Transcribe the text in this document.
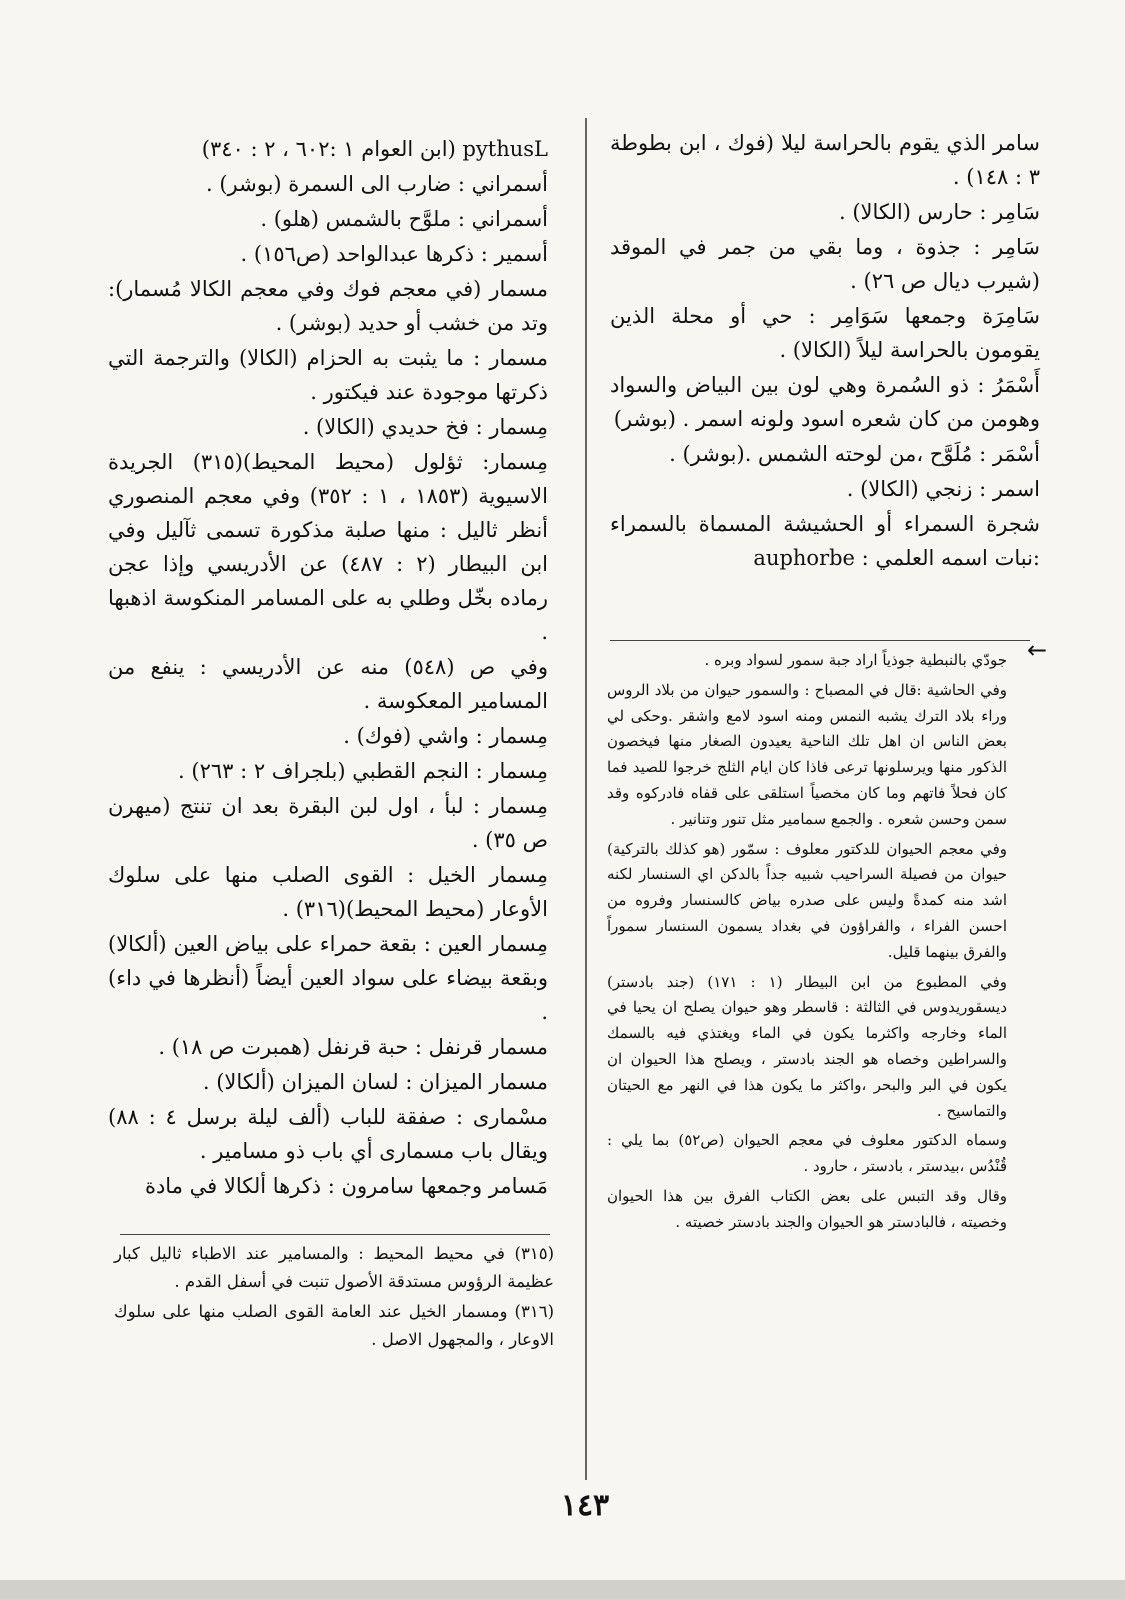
سامر الذي يقوم بالحراسة ليلا (فوك ، ابن بطوطة ٣ : ١٤٨) .

سَامِر : حارس (الكالا) .

سَامِر : جذوة ، وما بقي من جمر في الموقد (شيرب ديال ص ٢٦) .

سَامِرَة وجمعها سَوَامِر : حي أو محلة الذين يقومون بالحراسة ليلاً (الكالا) .

أَسْمَرُ : ذو السُمرة وهي لون بين البياض والسواد وهومن من كان شعره اسود ولونه اسمر . (بوشر)

أسْمَر : مُلَوَّح ،من لوحته الشمس .(بوشر) .

اسمر : زنجي (الكالا) .

شجرة السمراء أو الحشيشة المسماة بالسمراء :نبات اسمه العلمي : auphorbe

←

جودّي بالنبطية جوذياً اراد جبة سمور لسواد وبره .

وفي الحاشية :قال في المصباح : والسمور حيوان من بلاد الروس وراء بلاد الترك يشبه النمس ومنه اسود لامع واشقر .وحكى لي بعض الناس ان اهل تلك الناحية يعيدون الصغار منها فيخصون الذكور منها ويرسلونها ترعى فاذا كان ايام الثلج خرجوا للصيد فما كان فحلاً فاتهم وما كان مخصياً استلقى على قفاه فادركوه وقد سمن وحسن شعره . والجمع سمامير مثل تنور وتنانير .

وفي معجم الحيوان للدكتور معلوف : سمّور (هو كذلك بالتركية) حيوان من فصيلة السراحيب شبيه جداً بالدكن اي السنسار لكنه اشد منه كمدةً وليس على صدره بياض كالسنسار وفروه من احسن الفراء ، والفراؤون في بغداد يسمون السنسار سموراً والفرق بينهما قليل.

وفي المطبوع من ابن البيطار (١ : ١٧١) (جند بادستر) ديسقوريدوس في الثالثة : قاسطر وهو حيوان يصلح ان يحيا في الماء وخارجه واكثرما يكون في الماء ويغتذي فيه بالسمك والسراطين وخصاه هو الجند بادستر ، ويصلح هذا الحيوان ان يكون في البر والبحر ،واكثر ما يكون هذا في النهر مع الحيتان والتماسيح .

وسماه الدكتور معلوف في معجم الحيوان (ص٥٢) بما يلي : قُنْدُس ،بيدستر ، بادستر ، حارود .

وقال وقد التبس على بعض الكتاب الفرق بين هذا الحيوان وخصيته ، فالبادستر هو الحيوان والجند بادستر خصيته .

pythusL (ابن العوام ١ :٦٠٢ ، ٢ : ٣٤٠)

أسمراني : ضارب الى السمرة (بوشر) .

أسمراني : ملوَّح بالشمس (هلو) .

أسمير : ذكرها عبدالواحد (ص١٥٦) .

مسمار (في معجم فوك وفي معجم الكالا مُسمار): وتد من خشب أو حديد (بوشر) .

مسمار : ما يثبت به الحزام (الكالا) والترجمة التي ذكرتها موجودة عند فيكتور .

مِسمار : فخ حديدي (الكالا) .

مِسمار: ثؤلول (محيط المحيط)(٣١٥) الجريدة الاسيوية (١٨٥٣ ، ١ : ٣٥٢) وفي معجم المنصوري أنظر ثاليل : منها صلبة مذكورة تسمى ثآليل وفي ابن البيطار (٢ : ٤٨٧) عن الأدريسي وإذا عجن رماده بخّل وطلي به على المسامر المنكوسة اذهبها .

وفي ص (٥٤٨) منه عن الأدريسي : ينفع من المسامير المعكوسة .

مِسمار : واشي (فوك) .

مِسمار : النجم القطبي (بلجراف ٢ : ٢٦٣) .

مِسمار : لبأ ، اول لبن البقرة بعد ان تنتج (ميهرن ص ٣٥) .

مِسمار الخيل : القوى الصلب منها على سلوك الأوعار (محيط المحيط)(٣١٦) .

مِسمار العين : بقعة حمراء على بياض العين (ألكالا) وبقعة بيضاء على سواد العين أيضاً (أنظرها في داء) .

مسمار قرنفل : حبة قرنفل (همبرت ص ١٨) .

مسمار الميزان : لسان الميزان (ألكالا) .

مسْمارى : صفقة للباب (ألف ليلة برسل ٤ : ٨٨) ويقال باب مسمارى أي باب ذو مسامير .

مَسامر وجمعها سامرون : ذكرها ألكالا في مادة

(٣١٥) في محيط المحيط : والمسامير عند الاطباء ثاليل كبار عظيمة الرؤوس مستدقة الأصول تنبت في أسفل القدم .

(٣١٦) ومسمار الخيل عند العامة القوى الصلب منها على سلوك الاوعار ، والمجهول الاصل .

١٤٣
